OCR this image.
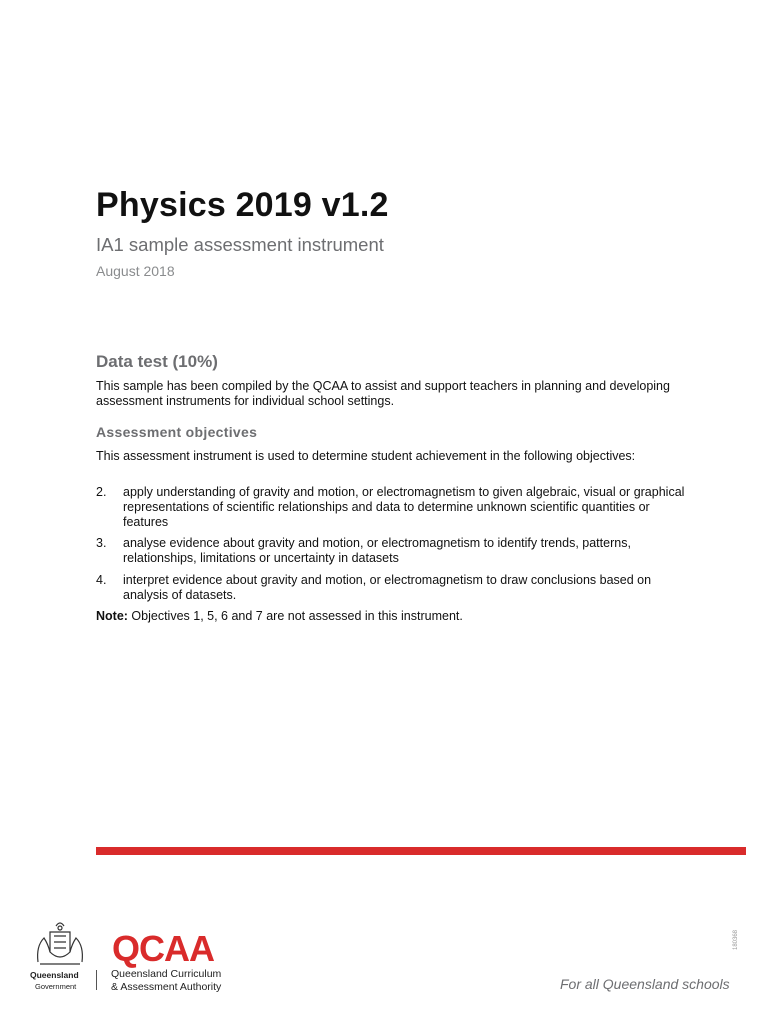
Physics 2019 v1.2
IA1 sample assessment instrument
August 2018
Data test (10%)
This sample has been compiled by the QCAA to assist and support teachers in planning and developing assessment instruments for individual school settings.
Assessment objectives
This assessment instrument is used to determine student achievement in the following objectives:
2.	apply understanding of gravity and motion, or electromagnetism to given algebraic, visual or graphical representations of scientific relationships and data to determine unknown scientific quantities or features
3.	analyse evidence about gravity and motion, or electromagnetism to identify trends, patterns, relationships, limitations or uncertainty in datasets
4.	interpret evidence about gravity and motion, or electromagnetism to draw conclusions based on analysis of datasets.
Note: Objectives 1, 5, 6 and 7 are not assessed in this instrument.
Queensland
Government
QCAA
Queensland Curriculum
& Assessment Authority	For all Queensland schools
180368
